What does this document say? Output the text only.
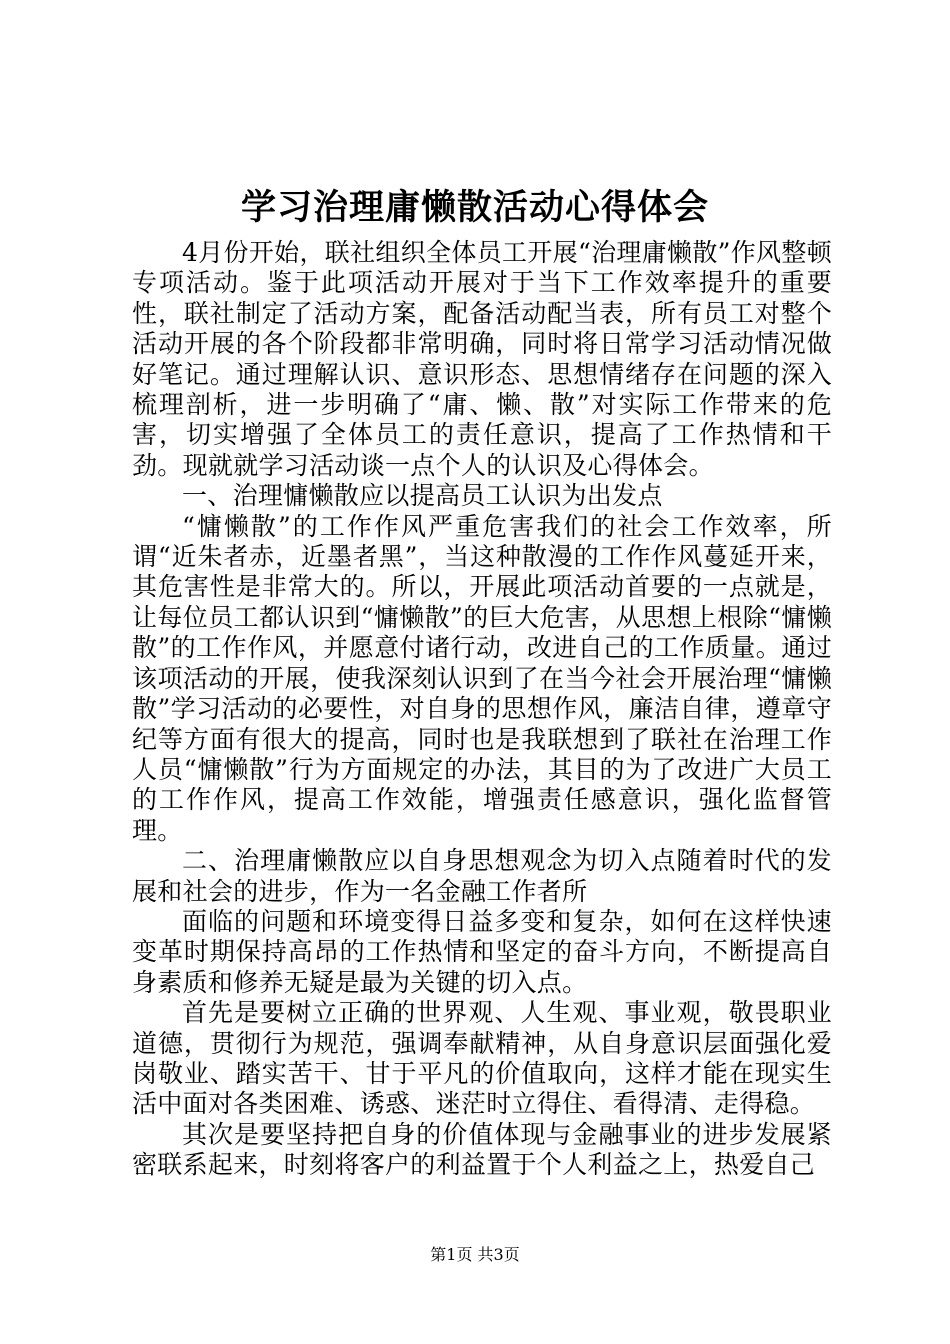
学习治理庸懒散活动心得体会

4月份开始，联社组织全体员工开展“治理庸懒散”作风整顿专项活动。鉴于此项活动开展对于当下工作效率提升的重要性，联社制定了活动方案，配备活动配当表，所有员工对整个活动开展的各个阶段都非常明确，同时将日常学习活动情况做好笔记。通过理解认识、意识形态、思想情绪存在问题的深入梳理剖析，进一步明确了“庸、懒、散”对实际工作带来的危害，切实增强了全体员工的责任意识，提高了工作热情和干劲。现就就学习活动谈一点个人的认识及心得体会。

一、治理慵懒散应以提高员工认识为出发点

“慵懒散”的工作作风严重危害我们的社会工作效率，所谓“近朱者赤，近墨者黑”，当这种散漫的工作作风蔓延开来，其危害性是非常大的。所以，开展此项活动首要的一点就是，让每位员工都认识到“慵懒散”的巨大危害，从思想上根除“慵懒散”的工作作风，并愿意付诸行动，改进自己的工作质量。通过该项活动的开展，使我深刻认识到了在当今社会开展治理“慵懒散”学习活动的必要性，对自身的思想作风，廉洁自律，遵章守纪等方面有很大的提高，同时也是我联想到了联社在治理工作人员“慵懒散”行为方面规定的办法，其目的为了改进广大员工的工作作风，提高工作效能，增强责任感意识，强化监督管理。

二、治理庸懒散应以自身思想观念为切入点随着时代的发展和社会的进步，作为一名金融工作者所

面临的问题和环境变得日益多变和复杂，如何在这样快速变革时期保持高昂的工作热情和坚定的奋斗方向，不断提高自身素质和修养无疑是最为关键的切入点。

首先是要树立正确的世界观、人生观、事业观，敬畏职业道德，贯彻行为规范，强调奉献精神，从自身意识层面强化爱岗敬业、踏实苦干、甘于平凡的价值取向，这样才能在现实生活中面对各类困难、诱惑、迷茫时立得住、看得清、走得稳。

其次是要坚持把自身的价值体现与金融事业的进步发展紧密联系起来，时刻将客户的利益置于个人利益之上，热爱自己

第1页 共3页
